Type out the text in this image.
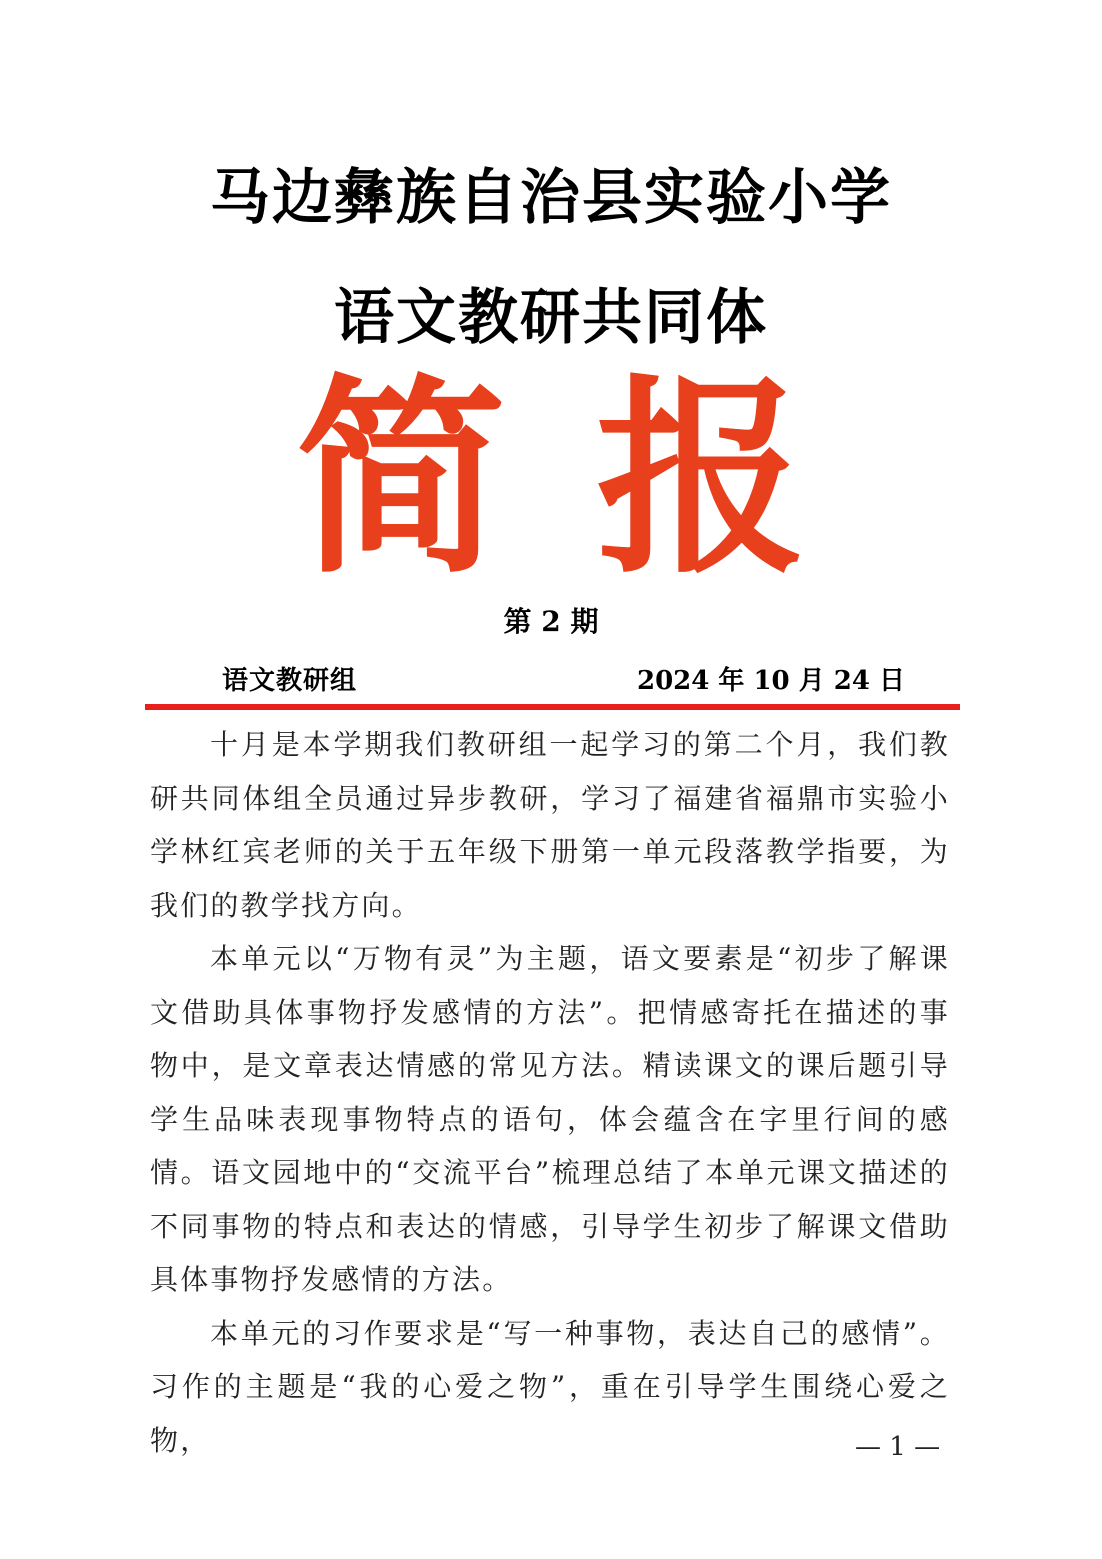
马边彝族自治县实验小学
语文教研共同体
简报
第 2 期
语文教研组	2024 年 10 月 24 日

十月是本学期我们教研组一起学习的第二个月，我们教研共同体组全员通过异步教研，学习了福建省福鼎市实验小学林红宾老师的关于五年级下册第一单元段落教学指要，为我们的教学找方向。

本单元以“万物有灵”为主题，语文要素是“初步了解课文借助具体事物抒发感情的方法”。把情感寄托在描述的事物中，是文章表达情感的常见方法。精读课文的课后题引导学生品味表现事物特点的语句，体会蕴含在字里行间的感情。语文园地中的“交流平台”梳理总结了本单元课文描述的不同事物的特点和表达的情感，引导学生初步了解课文借助具体事物抒发感情的方法。

本单元的习作要求是“写一种事物，表达自己的感情”。习作的主题是“我的心爱之物”，重在引导学生围绕心爱之物，	— 1 —
